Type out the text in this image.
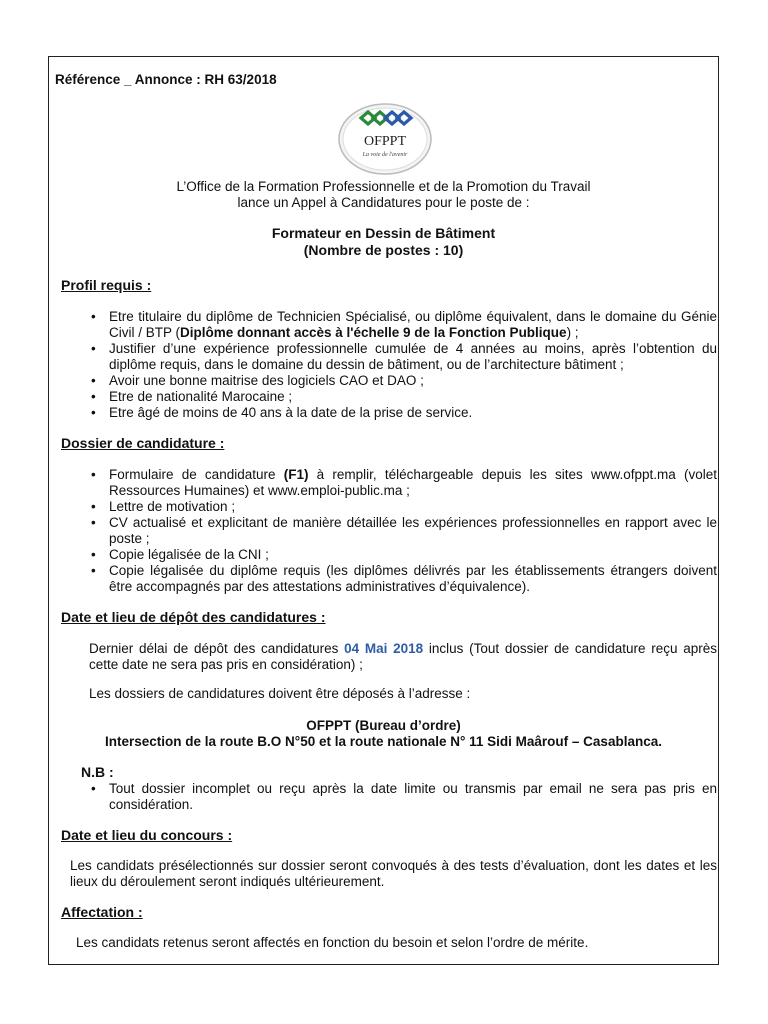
Référence _ Annonce : RH 63/2018
OFPPT
La voie de l'avenir
L’Office de la Formation Professionnelle et de la Promotion du Travail
lance un Appel à Candidatures pour le poste de :
Formateur en Dessin de Bâtiment
(Nombre de postes : 10)
Profil requis :
• Etre titulaire du diplôme de Technicien Spécialisé, ou diplôme équivalent, dans le domaine du Génie Civil / BTP (Diplôme donnant accès à l'échelle 9 de la Fonction Publique) ;
• Justifier d’une expérience professionnelle cumulée de 4 années au moins, après l’obtention du diplôme requis, dans le domaine du dessin de bâtiment, ou de l’architecture bâtiment ;
• Avoir une bonne maitrise des logiciels CAO et DAO ;
• Etre de nationalité Marocaine ;
• Etre âgé de moins de 40 ans à la date de la prise de service.
Dossier de candidature :
• Formulaire de candidature (F1) à remplir, téléchargeable depuis les sites www.ofppt.ma (volet Ressources Humaines) et www.emploi-public.ma ;
• Lettre de motivation ;
• CV actualisé et explicitant de manière détaillée les expériences professionnelles en rapport avec le poste ;
• Copie légalisée de la CNI ;
• Copie légalisée du diplôme requis (les diplômes délivrés par les établissements étrangers doivent être accompagnés par des attestations administratives d’équivalence).
Date et lieu de dépôt des candidatures :
Dernier délai de dépôt des candidatures 04 Mai 2018 inclus (Tout dossier de candidature reçu après cette date ne sera pas pris en considération) ;
Les dossiers de candidatures doivent être déposés à l’adresse :
OFPPT (Bureau d’ordre)
Intersection de la route B.O N°50 et la route nationale N° 11 Sidi Maârouf – Casablanca.
N.B :
• Tout dossier incomplet ou reçu après la date limite ou transmis par email ne sera pas pris en considération.
Date et lieu du concours :
Les candidats présélectionnés sur dossier seront convoqués à des tests d’évaluation, dont les dates et les lieux du déroulement seront indiqués ultérieurement.
Affectation :
Les candidats retenus seront affectés en fonction du besoin et selon l’ordre de mérite.
